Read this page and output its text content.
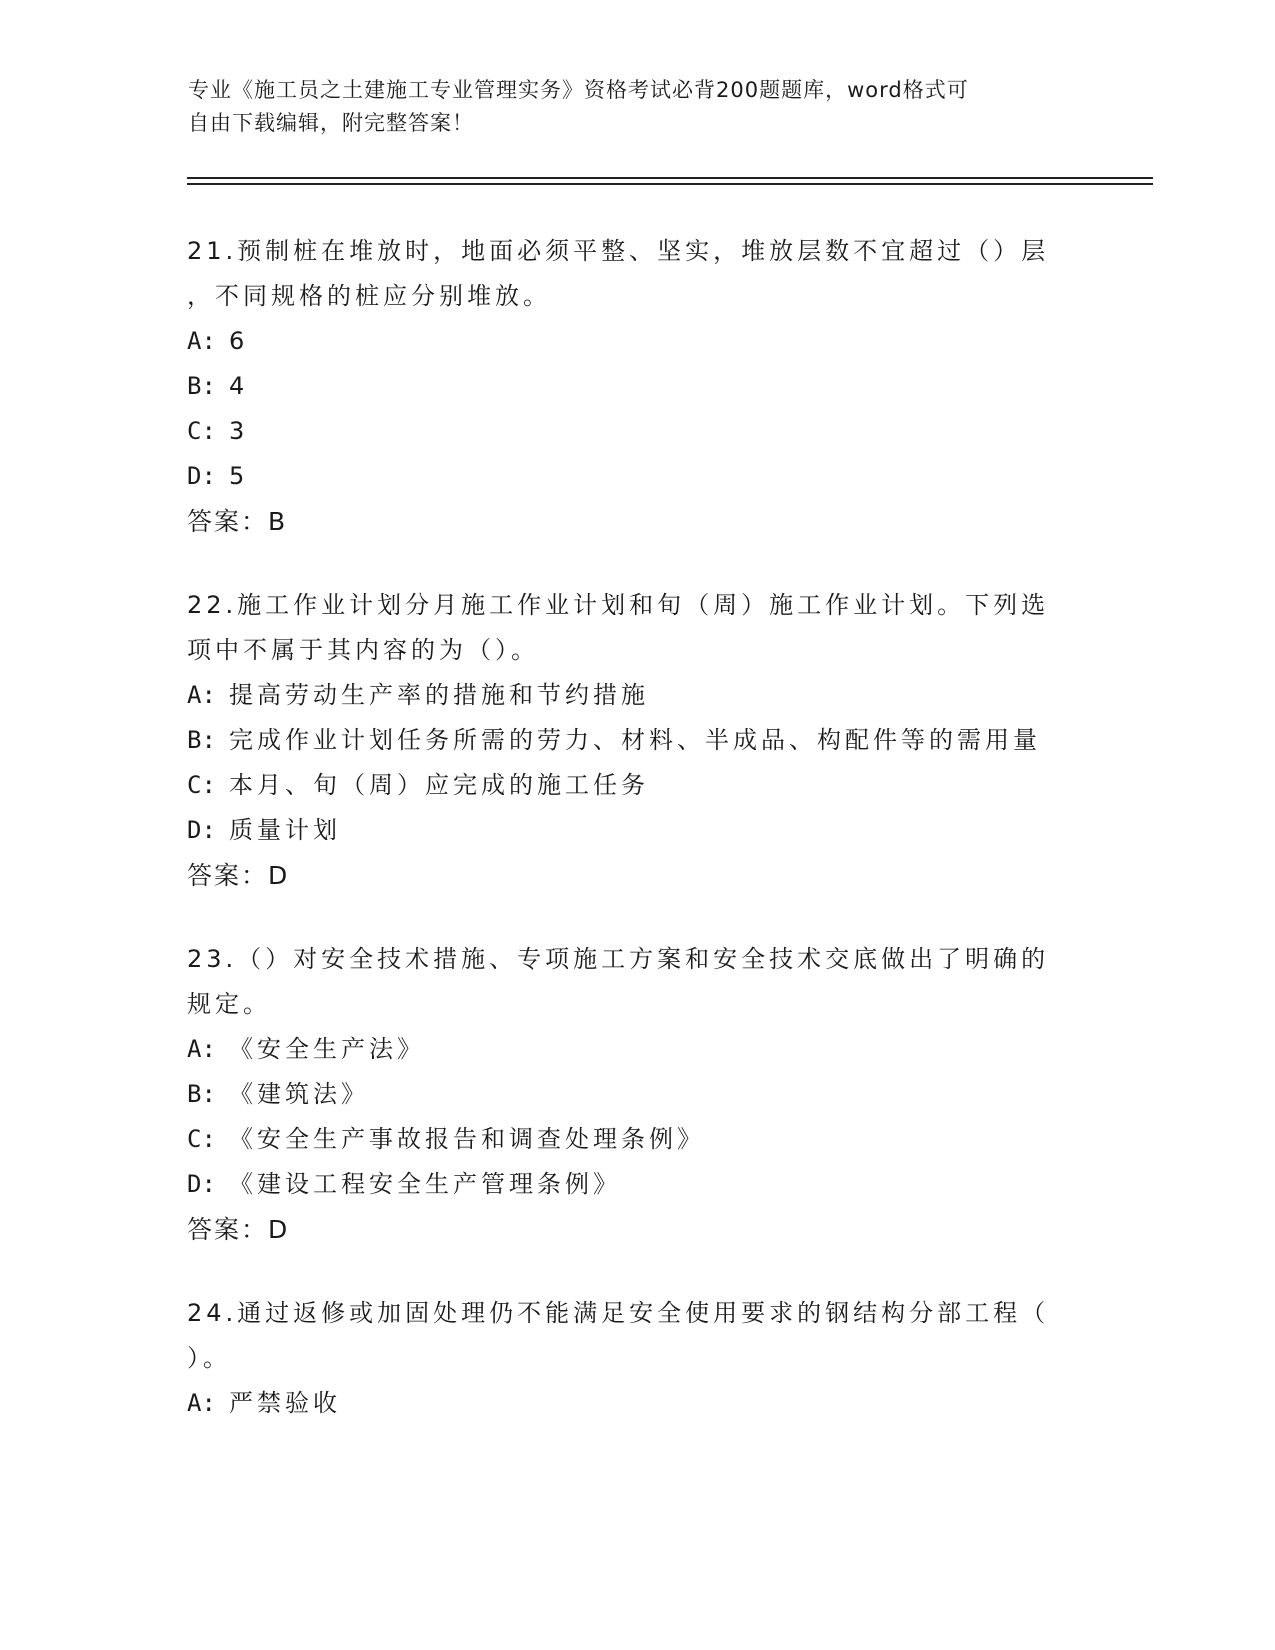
专业《施工员之土建施工专业管理实务》资格考试必背200题题库，word格式可
自由下载编辑，附完整答案！
21.预制桩在堆放时，地面必须平整、坚实，堆放层数不宜超过（）层
，不同规格的桩应分别堆放。
A: 6
B: 4
C: 3
D: 5
答案：B
22.施工作业计划分月施工作业计划和旬（周）施工作业计划。下列选
项中不属于其内容的为（）。
A: 提高劳动生产率的措施和节约措施
B: 完成作业计划任务所需的劳力、材料、半成品、构配件等的需用量
C: 本月、旬（周）应完成的施工任务
D: 质量计划
答案：D
23.（）对安全技术措施、专项施工方案和安全技术交底做出了明确的
规定。
A: 《安全生产法》
B: 《建筑法》
C: 《安全生产事故报告和调查处理条例》
D: 《建设工程安全生产管理条例》
答案：D
24.通过返修或加固处理仍不能满足安全使用要求的钢结构分部工程（
）。
A: 严禁验收
